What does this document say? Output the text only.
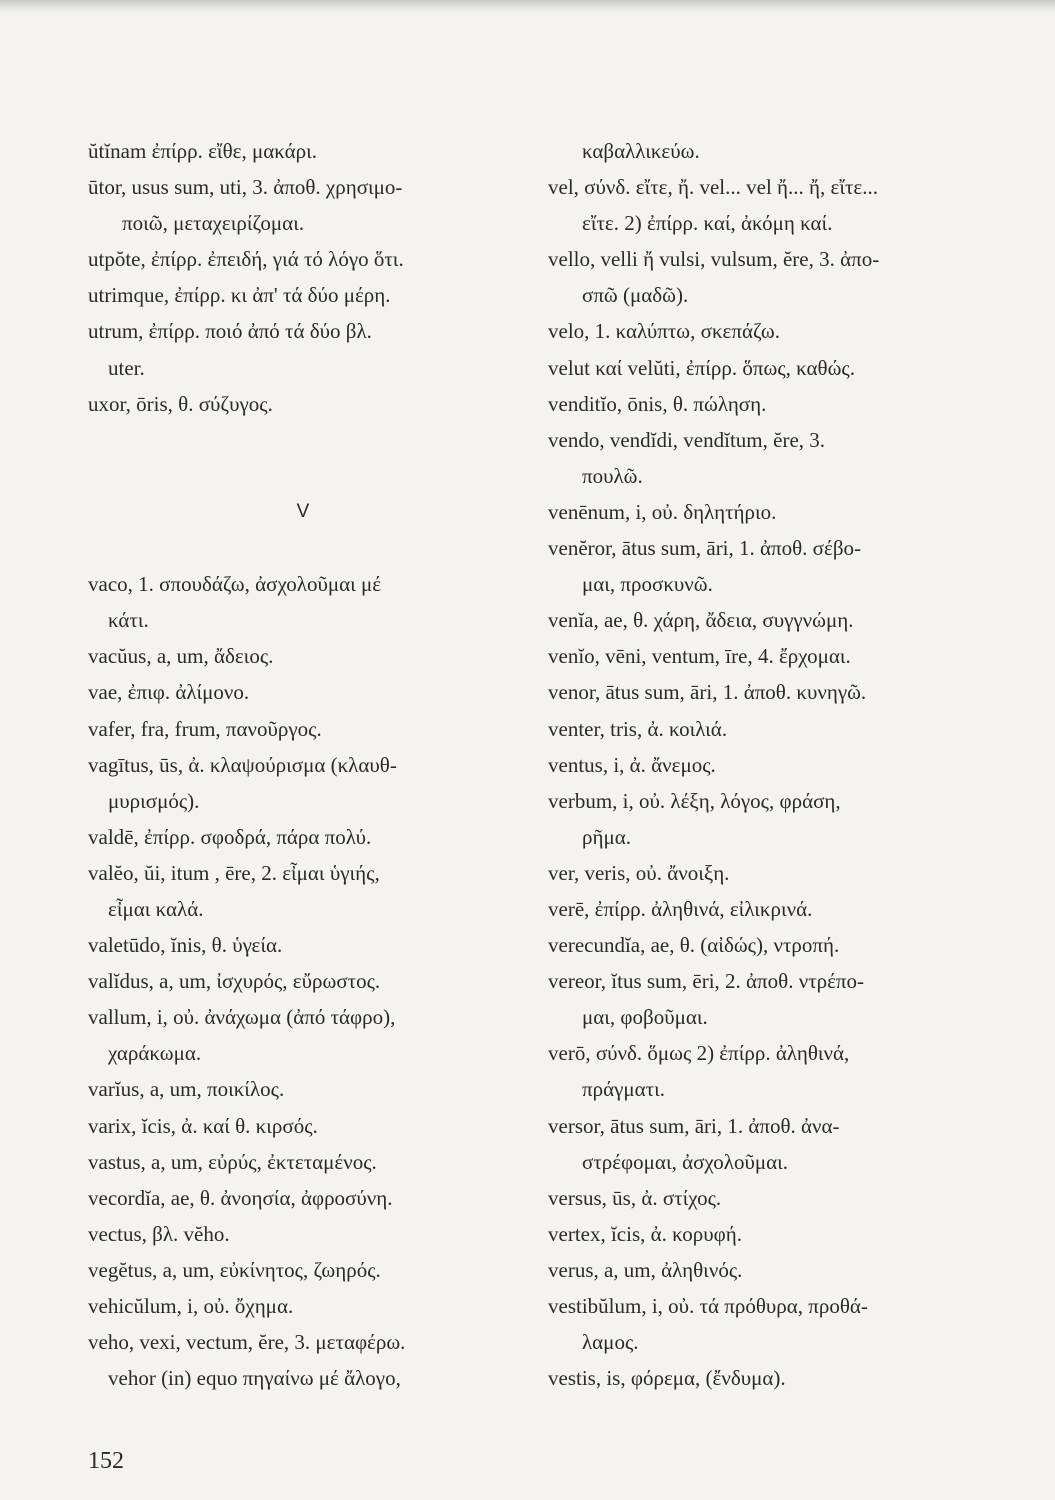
ŭtĭnam ἐπίρρ. εἴθε, μακάρι.
ūtor, usus sum, uti, 3. ἀποθ. χρησιμο-
ποιῶ, μεταχειρίζομαι.
utpŏte, ἐπίρρ. ἐπειδή, γιά τό λόγο ὅτι.
utrimque, ἐπίρρ. κι ἀπ' τά δύο μέρη.
utrum, ἐπίρρ. ποιό ἀπό τά δύο βλ.
uter.
uxor, ōris, θ. σύζυγος.
V
vaco, 1. σπουδάζω, ἀσχολοῦμαι μέ
κάτι.
vacŭus, a, um, ἄδειος.
vae, ἐπιφ. ἀλίμονο.
vafer, fra, frum, πανοῦργος.
vagītus, ūs, ἀ. κλαψούρισμα (κλαυθ-
μυρισμός).
valdē, ἐπίρρ. σφοδρά, πάρα πολύ.
valĕo, ŭi, itum , ēre, 2. εἶμαι ὑγιής,
εἶμαι καλά.
valetūdo, ĭnis, θ. ὑγεία.
valĭdus, a, um, ἰσχυρός, εὔρωστος.
vallum, i, οὐ. ἀνάχωμα (ἀπό τάφρο),
χαράκωμα.
varĭus, a, um, ποικίλος.
varix, ĭcis, ἀ. καί θ. κιρσός.
vastus, a, um, εὐρύς, ἐκτεταμένος.
vecordĭa, ae, θ. ἀνοησία, ἀφροσύνη.
vectus, βλ. vĕho.
vegĕtus, a, um, εὐκίνητος, ζωηρός.
vehicŭlum, i, οὐ. ὄχημα.
veho, vexi, vectum, ĕre, 3. μεταφέρω.
vehor (in) equo πηγαίνω μέ ἄλογο,
καβαλλικεύω.
vel, σύνδ. εἴτε, ἤ. vel... vel ἤ... ἤ, εἴτε...
εἴτε. 2) ἐπίρρ. καί, ἀκόμη καί.
vello, velli ἤ vulsi, vulsum, ĕre, 3. ἀπο-
σπῶ (μαδῶ).
velo, 1. καλύπτω, σκεπάζω.
velut καί velŭti, ἐπίρρ. ὅπως, καθώς.
venditĭo, ōnis, θ. πώληση.
vendo, vendĭdi, vendĭtum, ĕre, 3.
πουλῶ.
venēnum, i, οὐ. δηλητήριο.
venĕror, ātus sum, āri, 1. ἀποθ. σέβο-
μαι, προσκυνῶ.
venĭa, ae, θ. χάρη, ἄδεια, συγγνώμη.
venĭo, vēni, ventum, īre, 4. ἔρχομαι.
venor, ātus sum, āri, 1. ἀποθ. κυνηγῶ.
venter, tris, ἀ. κοιλιά.
ventus, i, ἀ. ἄνεμος.
verbum, i, οὐ. λέξη, λόγος, φράση,
ρῆμα.
ver, veris, οὐ. ἄνοιξη.
verē, ἐπίρρ. ἀληθινά, εἰλικρινά.
verecundĭa, ae, θ. (αἰδώς), ντροπή.
vereor, ĭtus sum, ēri, 2. ἀποθ. ντρέπο-
μαι, φοβοῦμαι.
verō, σύνδ. ὅμως 2) ἐπίρρ. ἀληθινά,
πράγματι.
versor, ātus sum, āri, 1. ἀποθ. ἀνα-
στρέφομαι, ἀσχολοῦμαι.
versus, ūs, ἀ. στίχος.
vertex, ĭcis, ἀ. κορυφή.
verus, a, um, ἀληθινός.
vestibŭlum, i, οὐ. τά πρόθυρα, προθά-
λαμος.
vestis, is, φόρεμα, (ἔνδυμα).
152
